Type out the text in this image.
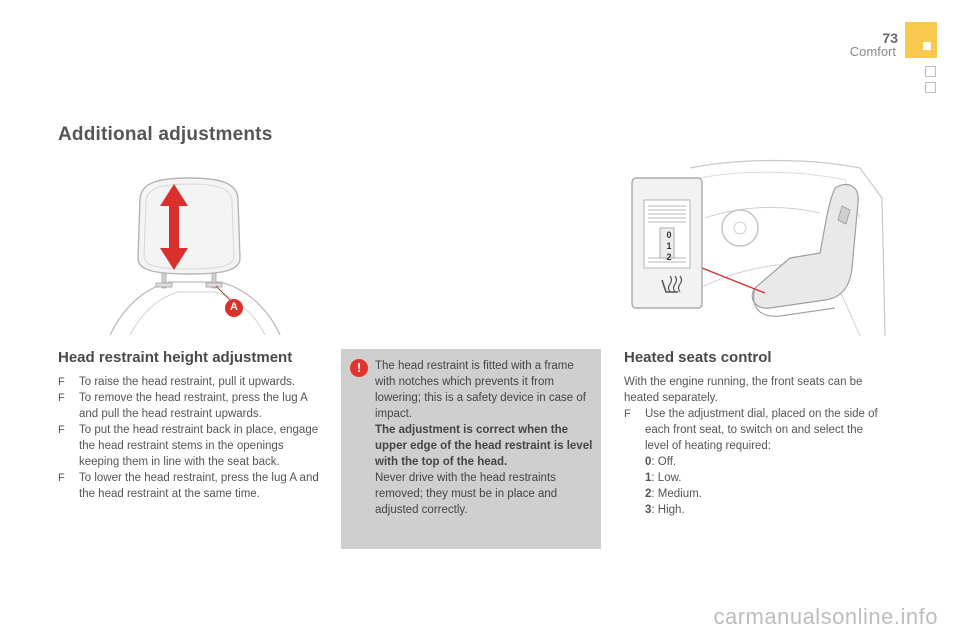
73
Comfort
Additional adjustments
A
0
1
2
Head restraint height adjustment
F To raise the head restraint, pull it upwards.
F To remove the head restraint, press the lug A and pull the head restraint upwards.
F To put the head restraint back in place, engage the head restraint stems in the openings keeping them in line with the seat back.
F To lower the head restraint, press the lug A and the head restraint at the same time.
!	The head restraint is fitted with a frame with notches which prevents it from lowering; this is a safety device in case of impact.
The adjustment is correct when the upper edge of the head restraint is level with the top of the head.
Never drive with the head restraints removed; they must be in place and adjusted correctly.
Heated seats control
With the engine running, the front seats can be heated separately.
F Use the adjustment dial, placed on the side of each front seat, to switch on and select the level of heating required:
0: Off.
1: Low.
2: Medium.
3: High.
carmanualsonline.info
